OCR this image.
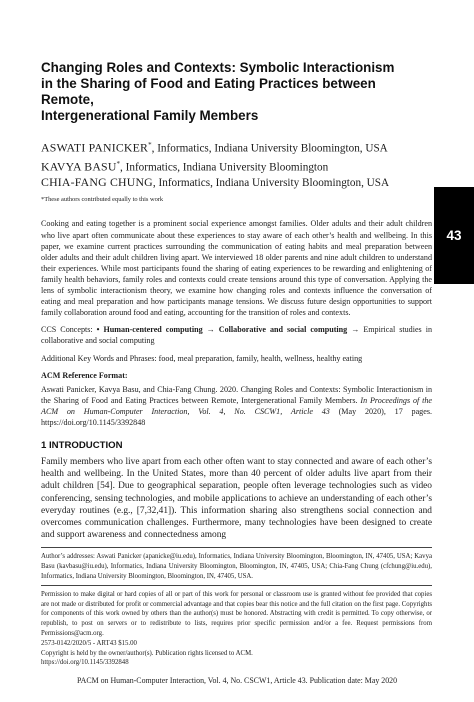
Changing Roles and Contexts: Symbolic Interactionism
in the Sharing of Food and Eating Practices between Remote,
Intergenerational Family Members
ASWATI PANICKER*, Informatics, Indiana University Bloomington, USA
KAVYA BASU*, Informatics, Indiana University Bloomington
CHIA-FANG CHUNG, Informatics, Indiana University Bloomington, USA
*These authors contributed equally to this work
Cooking and eating together is a prominent social experience amongst families. Older adults and their adult children who live apart often communicate about these experiences to stay aware of each other’s health and wellbeing. In this paper, we examine current practices surrounding the communication of eating habits and meal preparation between older adults and their adult children living apart. We interviewed 18 older parents and nine adult children to understand their experiences. While most participants found the sharing of eating experiences to be rewarding and enlightening of family health behaviors, family roles and contexts could create tensions around this type of conversation. Applying the lens of symbolic interactionism theory, we examine how changing roles and contexts influence the conversation of eating and meal preparation and how participants manage tensions. We discuss future design opportunities to support family collaboration around food and eating, accounting for the transition of roles and contexts.
CCS Concepts: • Human-centered computing → Collaborative and social computing → Empirical studies in collaborative and social computing
Additional Key Words and Phrases: food, meal preparation, family, health, wellness, healthy eating
ACM Reference Format:
Aswati Panicker, Kavya Basu, and Chia-Fang Chung. 2020. Changing Roles and Contexts: Symbolic Interactionism in the Sharing of Food and Eating Practices between Remote, Intergenerational Family Members. In Proceedings of the ACM on Human-Computer Interaction, Vol. 4, No. CSCW1, Article 43 (May 2020), 17 pages. https://doi.org/10.1145/3392848
1 INTRODUCTION
Family members who live apart from each other often want to stay connected and aware of each other’s health and wellbeing. In the United States, more than 40 percent of older adults live apart from their adult children [54]. Due to geographical separation, people often leverage technologies such as video conferencing, sensing technologies, and mobile applications to achieve an understanding of each other’s everyday routines (e.g., [7,32,41]). This information sharing also strengthens social connection and overcomes communication challenges. Furthermore, many technologies have been designed to create and support awareness and connectedness among
Author’s addresses: Aswati Panicker (apanicke@iu.edu), Informatics, Indiana University Bloomington, Bloomington, IN, 47405, USA; Kavya Basu (kavbasu@iu.edu), Informatics, Indiana University Bloomington, Bloomington, IN, 47405, USA; Chia-Fang Chung (cfchung@iu.edu), Informatics, Indiana University Bloomington, Bloomington, IN, 47405, USA.
Permission to make digital or hard copies of all or part of this work for personal or classroom use is granted without fee provided that copies are not made or distributed for profit or commercial advantage and that copies bear this notice and the full citation on the first page. Copyrights for components of this work owned by others than the author(s) must be honored. Abstracting with credit is permitted. To copy otherwise, or republish, to post on servers or to redistribute to lists, requires prior specific permission and/or a fee. Request permissions from Permissions@acm.org.
2573-0142/2020/5 - ART43 $15.00
Copyright is held by the owner/author(s). Publication rights licensed to ACM.
https://doi.org/10.1145/3392848
43
PACM on Human-Computer Interaction, Vol. 4, No. CSCW1, Article 43. Publication date: May 2020
